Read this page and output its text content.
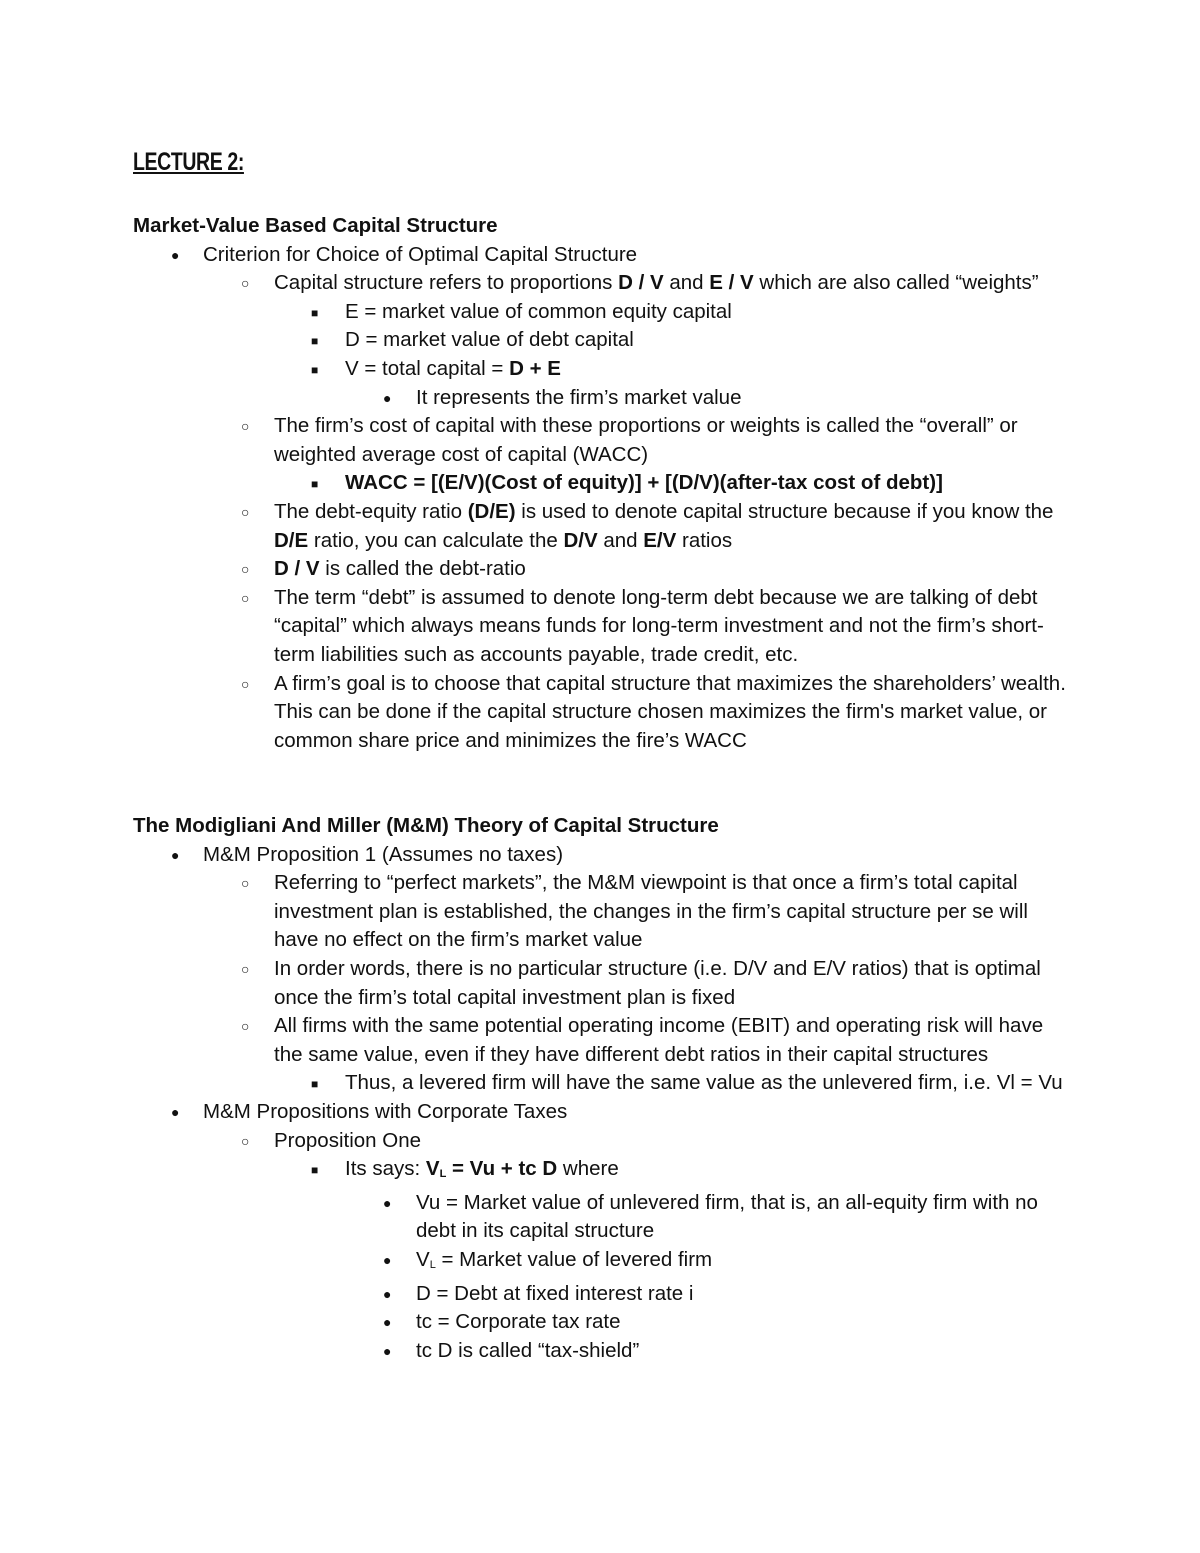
LECTURE 2:
Market-Value Based Capital Structure
●
Criterion for Choice of Optimal Capital Structure
○
Capital structure refers to proportions D / V and E / V which are also called “weights”
■
E = market value of common equity capital
■
D = market value of debt capital
■
V = total capital = D + E
●
It represents the firm’s market value
○
The firm’s cost of capital with these proportions or weights is called the “overall” or weighted average cost of capital (WACC)
■
WACC = [(E/V)(Cost of equity)] + [(D/V)(after-tax cost of debt)]
○
The debt-equity ratio (D/E) is used to denote capital structure because if you know the D/E ratio, you can calculate the D/V and E/V ratios
○
D / V is called the debt-ratio
○
The term “debt” is assumed to denote long-term debt because we are talking of debt “capital” which always means funds for long-term investment and not the firm’s short-term liabilities such as accounts payable, trade credit, etc.
○
A firm’s goal is to choose that capital structure that maximizes the shareholders’ wealth. This can be done if the capital structure chosen maximizes the firm's market value, or common share price and minimizes the fire’s WACC
The Modigliani And Miller (M&M) Theory of Capital Structure
●
M&M Proposition 1 (Assumes no taxes)
○
Referring to “perfect markets”, the M&M viewpoint is that once a firm’s total capital investment plan is established, the changes in the firm’s capital structure per se will have no effect on the firm’s market value
○
In order words, there is no particular structure (i.e. D/V and E/V ratios) that is optimal once the firm’s total capital investment plan is fixed
○
All firms with the same potential operating income (EBIT) and operating risk will have the same value, even if they have different debt ratios in their capital structures
■
Thus, a levered firm will have the same value as the unlevered firm, i.e. Vl = Vu
●
M&M Propositions with Corporate Taxes
○
Proposition One
■
Its says: VL = Vu + tc D where
●
Vu = Market value of unlevered firm, that is, an all-equity firm with no debt in its capital structure
●
VL = Market value of levered firm
●
D = Debt at fixed interest rate i
●
tc = Corporate tax rate
●
tc D is called “tax-shield”
